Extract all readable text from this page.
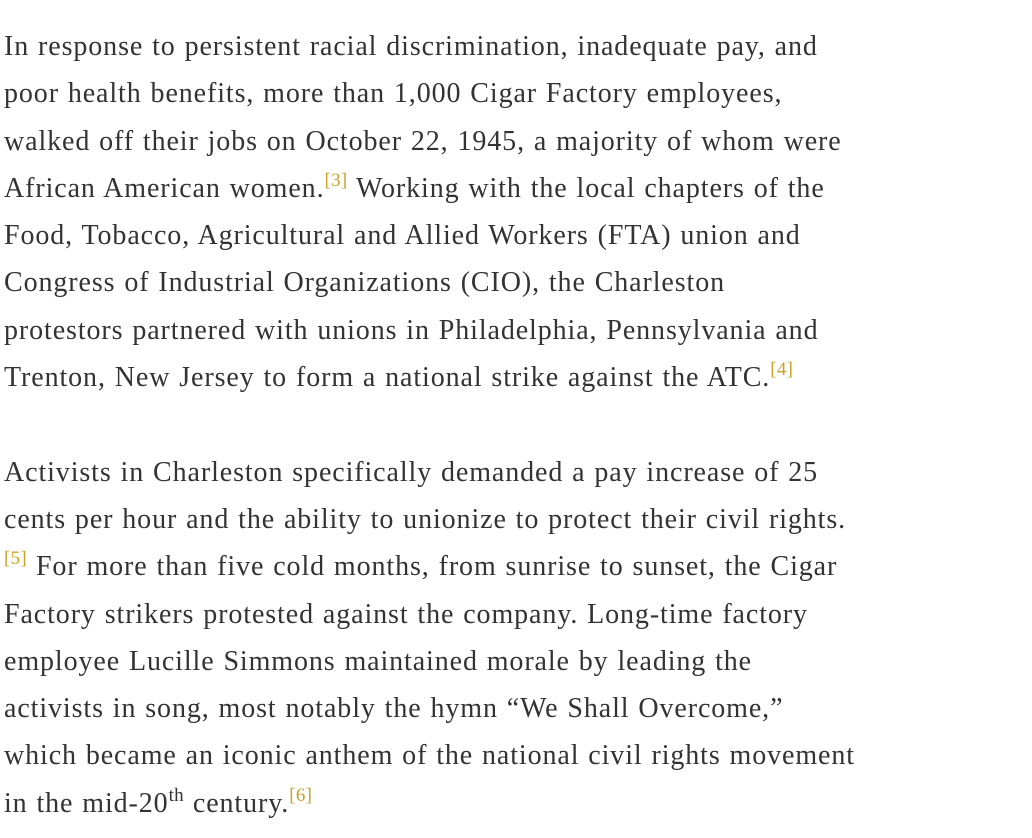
In response to persistent racial discrimination, inadequate pay, and
poor health benefits, more than 1,000 Cigar Factory employees,
walked off their jobs on October 22, 1945, a majority of whom were
African American women.[3] Working with the local chapters of the
Food, Tobacco, Agricultural and Allied Workers (FTA) union and
Congress of Industrial Organizations (CIO), the Charleston
protestors partnered with unions in Philadelphia, Pennsylvania and
Trenton, New Jersey to form a national strike against the ATC.[4]

Activists in Charleston specifically demanded a pay increase of 25
cents per hour and the ability to unionize to protect their civil rights.
[5] For more than five cold months, from sunrise to sunset, the Cigar
Factory strikers protested against the company. Long-time factory
employee Lucille Simmons maintained morale by leading the
activists in song, most notably the hymn “We Shall Overcome,”
which became an iconic anthem of the national civil rights movement
in the mid-20th century.[6]
